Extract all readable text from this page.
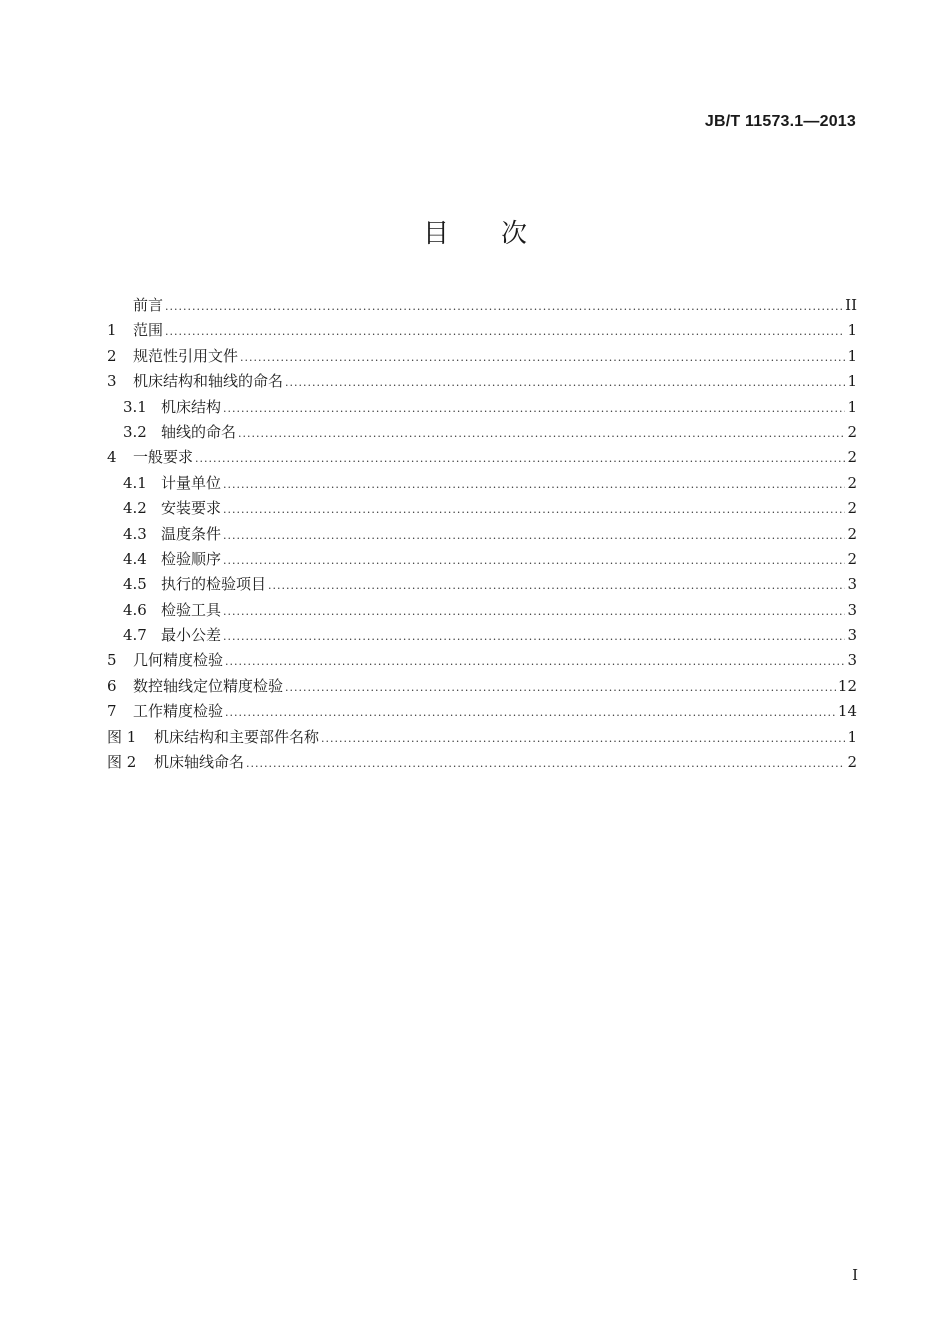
JB/T 11573.1—2013
目次
前言 .....	II
1	范围 .....	1
2	规范性引用文件 .....	1
3	机床结构和轴线的命名 .....	1
3.1 机床结构 .....	1
3.2 轴线的命名 .....	2
4	一般要求 .....	2
4.1 计量单位 .....	2
4.2 安装要求 .....	2
4.3 温度条件 .....	2
4.4 检验顺序 .....	2
4.5 执行的检验项目 .....	3
4.6 检验工具 .....	3
4.7 最小公差 .....	3
5	几何精度检验 .....	3
6	数控轴线定位精度检验 .....	12
7	工作精度检验 .....	14
图 1	机床结构和主要部件名称 .....	1
图 2	机床轴线命名 .....	2
I
